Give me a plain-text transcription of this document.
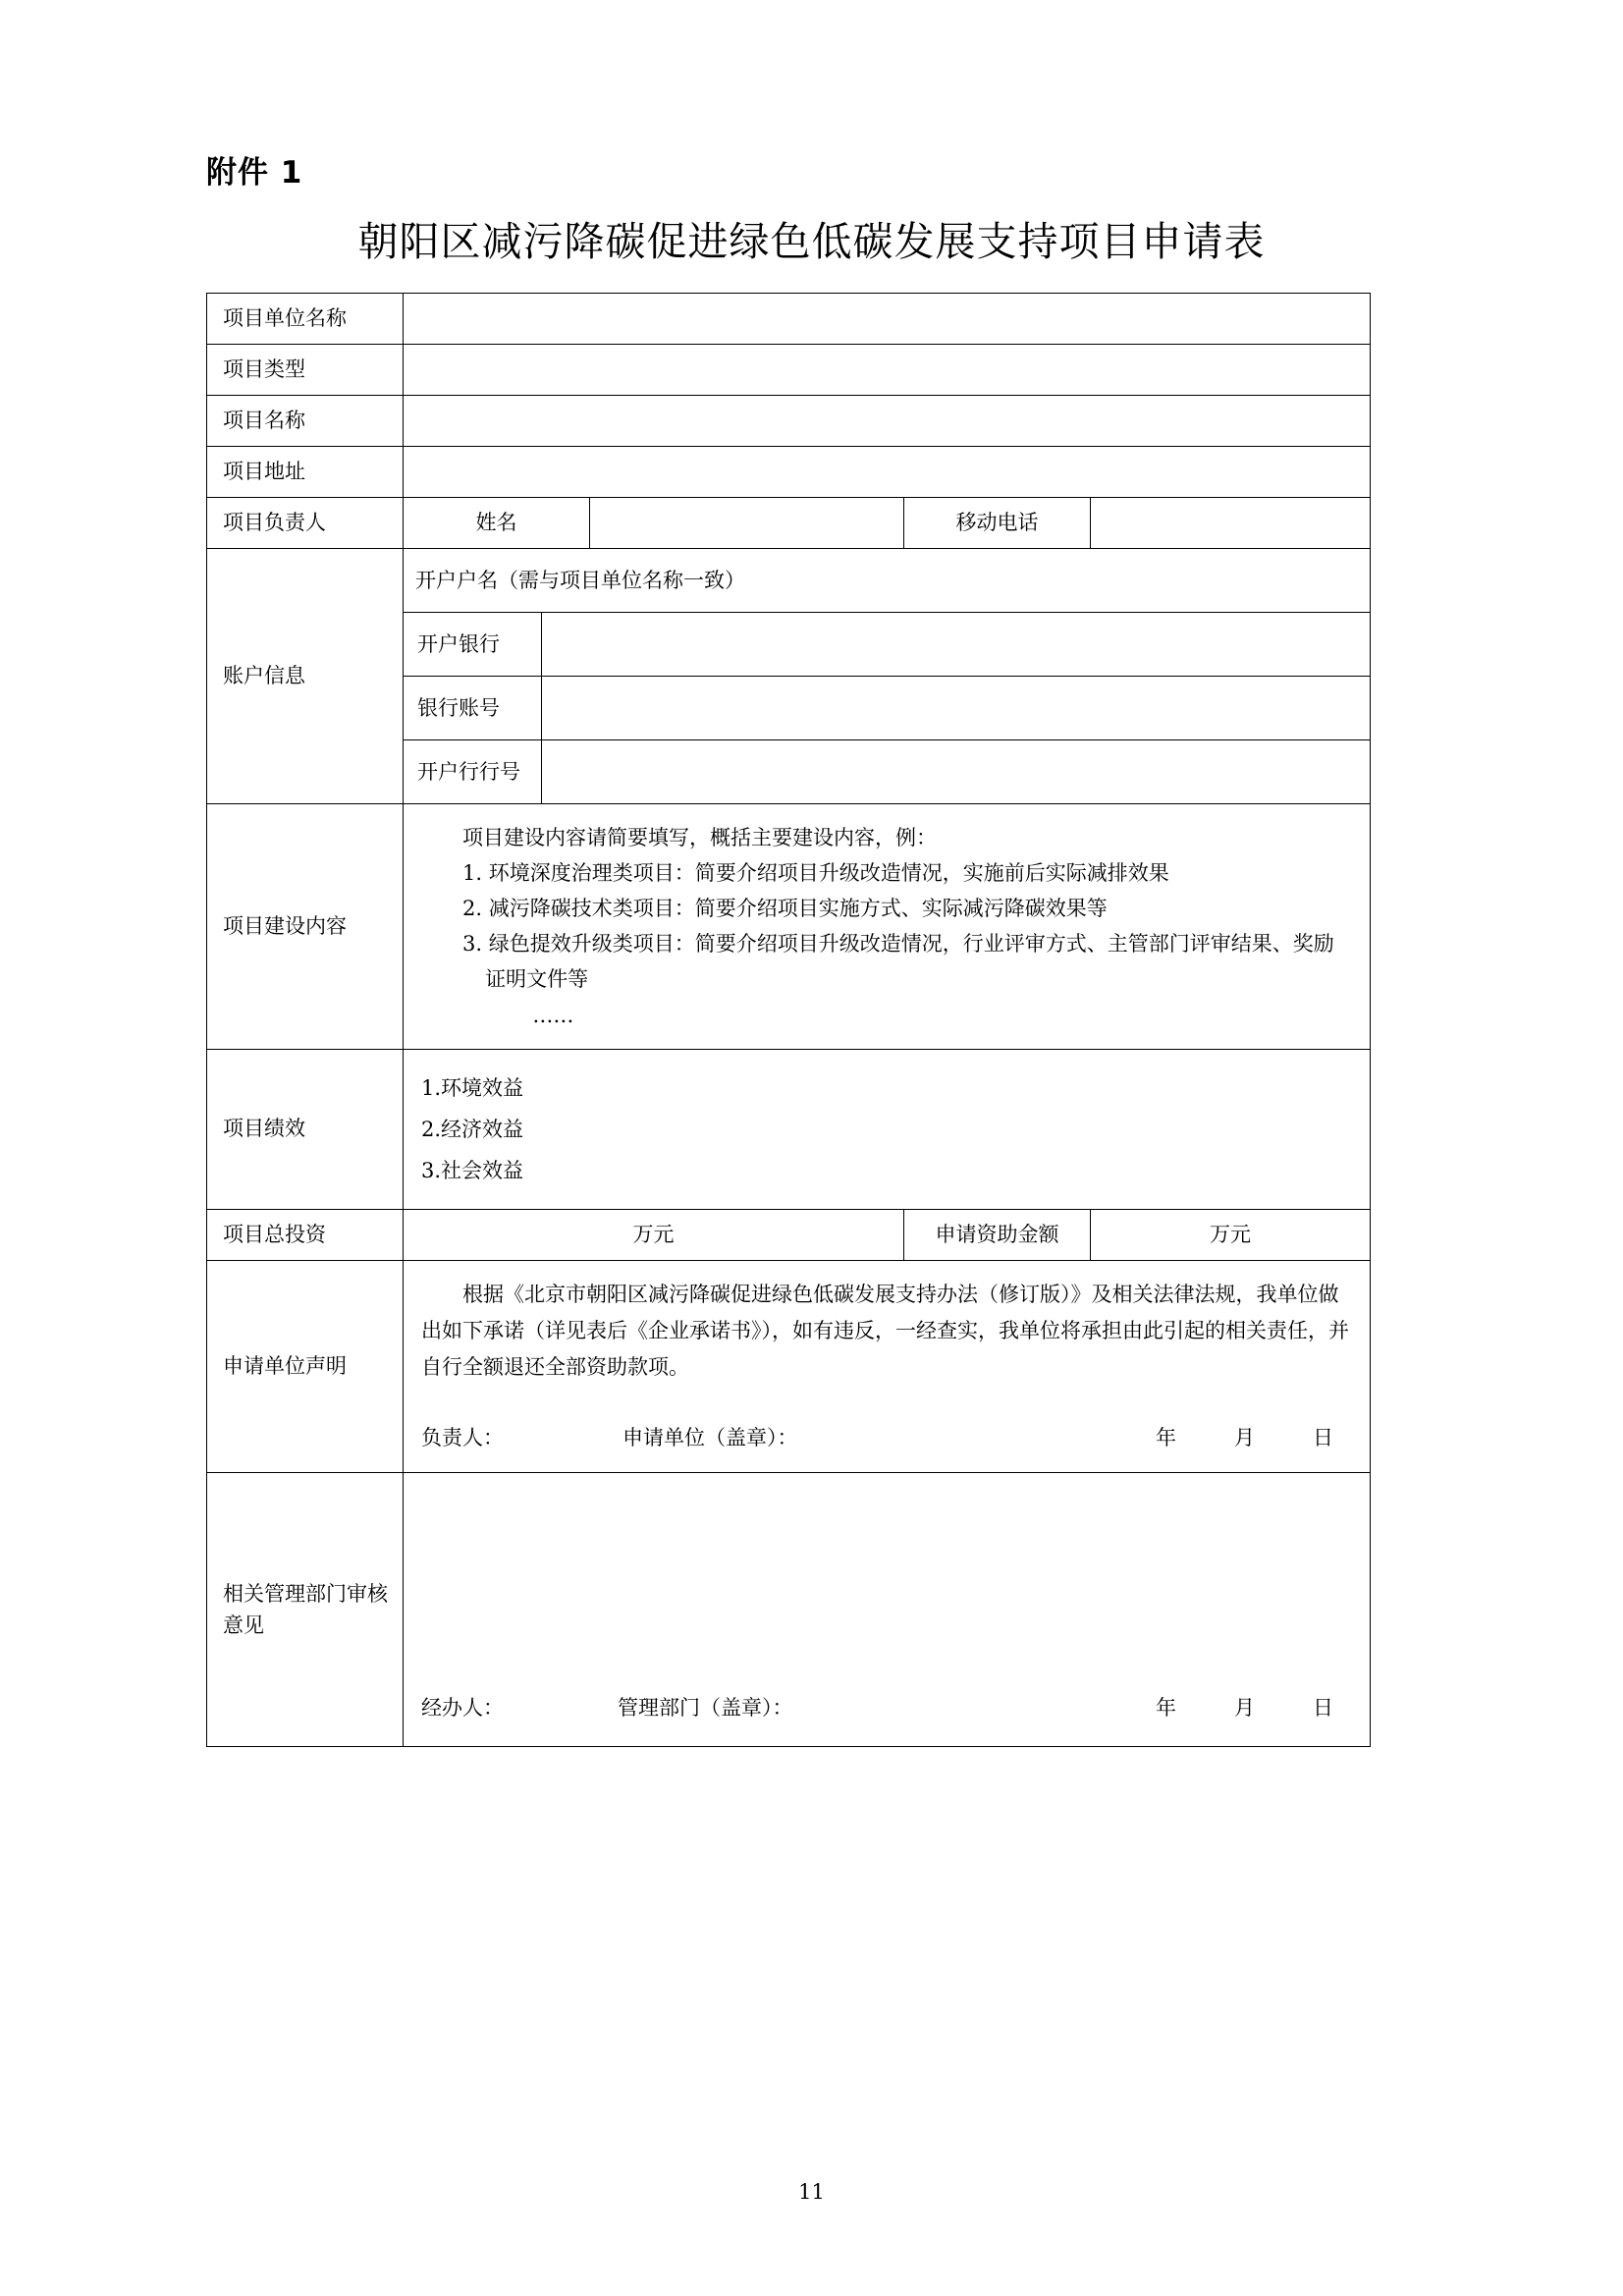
附件 1
朝阳区减污降碳促进绿色低碳发展支持项目申请表
项目单位名称	
项目类型	
项目名称	
项目地址	
项目负责人	姓名		移动电话	
账户信息	
开户户名（需与项目单位名称一致）
开户银行	
银行账号	
开户行行号	

项目建设内容	
项目建设内容请简要填写，概括主要建设内容，例：
1. 环境深度治理类项目：简要介绍项目升级改造情况，实施前后实际减排效果
2. 减污降碳技术类项目：简要介绍项目实施方式、实际减污降碳效果等
3. 绿色提效升级类项目：简要介绍项目升级改造情况，行业评审方式、主管部门评审结果、奖励证明文件等
……

项目绩效	
1.环境效益
2.经济效益
3.社会效益

项目总投资	万元	申请资助金额	万元
申请单位声明	
根据《北京市朝阳区减污降碳促进绿色低碳发展支持办法（修订版）》及相关法律法规，我单位做出如下承诺（详见表后《企业承诺书》），如有违反，一经查实，我单位将承担由此引起的相关责任，并自行全额退还全部资助款项。
负责人：	申请单位（盖章）：	年	月	日

相关管理部门审核意见	
经办人：	管理部门（盖章）：	年	月	日
11
